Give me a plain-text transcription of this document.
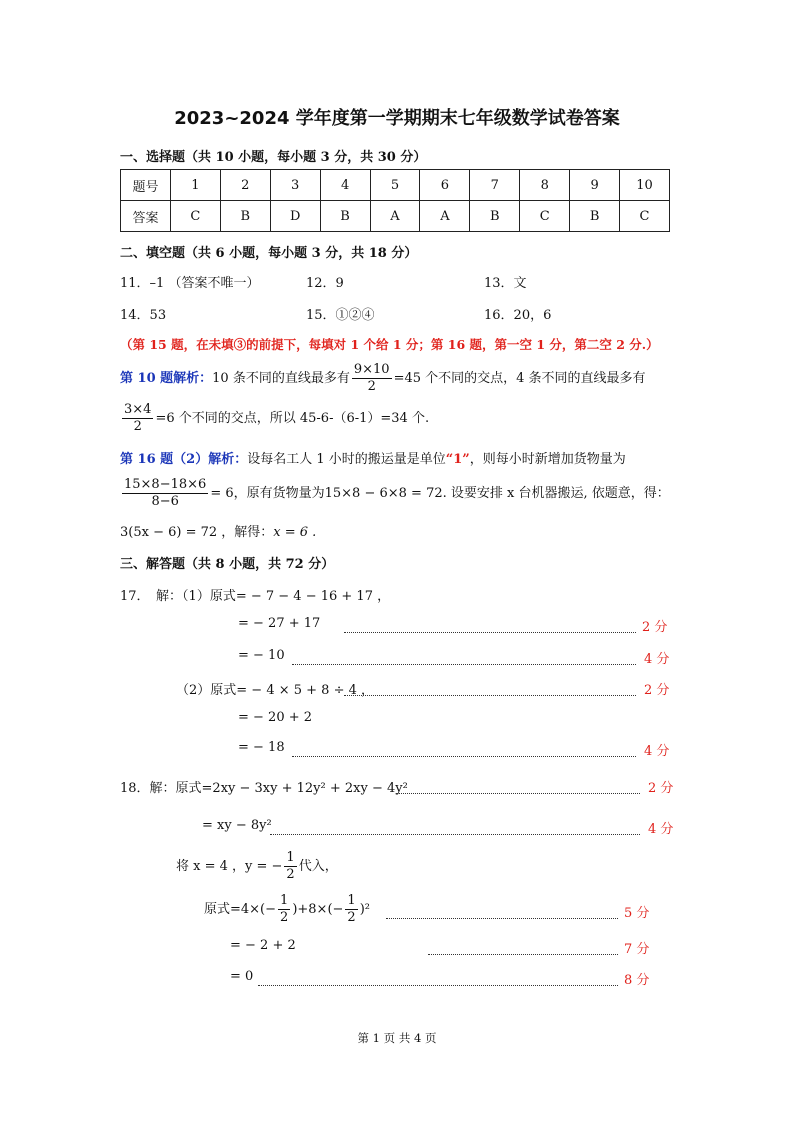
2023~2024 学年度第一学期期末七年级数学试卷答案
一、选择题（共 10 小题，每小题 3 分，共 30 分）
题号	1	2	3	4	5	6	7	8	9	10
答案	C	B	D	B	A	A	B	C	B	C
二、填空题（共 6 小题，每小题 3 分，共 18 分）
11．–1 （答案不唯一）	12．9	13．文
14．53	15．①②④	16．20，6
（第 15 题，在未填③的前提下，每填对 1 个给 1 分；第 16 题，第一空 1 分，第二空 2 分.）
第 10 题解析：10 条不同的直线最多有 $\frac{9\times 10}{2} =45$ 个不同的交点，4 条不同的直线最多有
$\frac{3\times 4}{2} =6$ 个不同的交点，所以 45-6-（6-1）=34 个.
第 16 题（2）解析：设每名工人 1 小时的搬运量是单位“1”，则每小时新增加货物量为
$\frac{15\times 8-18\times 6}{8-6} = 6$，原有货物量为15×8 − 6×8 = 72. 设要安排 x 台机器搬运, 依题意，得：
3(5x − 6) = 72 ，解得：x = 6 .
三、解答题（共 8 小题，共 72 分）
17．　解：（1）原式= − 7 − 4 − 16 + 17 ，
= − 27 + 17	2 分
= − 10	4 分
（2）原式= − 4 × 5 + 8 ÷ 4 ，	2 分
= − 20 + 2
= − 18	4 分
18．解：原式=2xy − 3xy + 12y² + 2xy − 4y²	2 分
= xy − 8y²	4 分
将 x = 4 ，y = − $\frac{1}{2}$ 代入，
原式$=4\times(- \frac{1}{2} )+8\times(- \frac{1}{2} )^2$	5 分
= − 2 + 2	7 分
= 0	8 分
第 1 页 共 4 页
